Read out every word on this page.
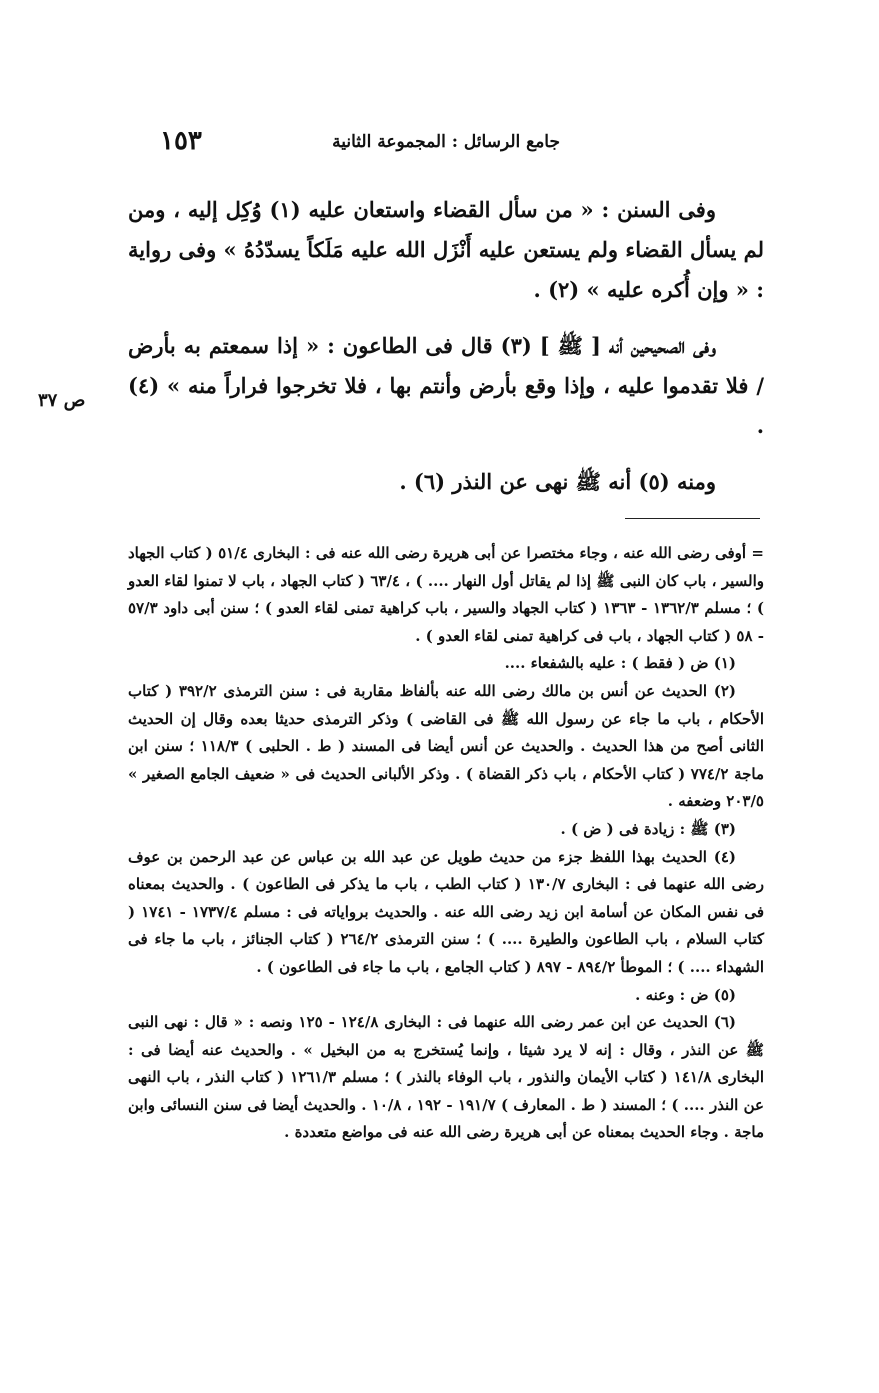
جامع الرسائل : المجموعة الثانية
١٥٣
ص ٣٧

وفى السنن : « من سأل القضاء واستعان عليه (١) وُكِل إليه ، ومن لم يسأل القضاء ولم يستعن عليه أَنْزَل الله عليه مَلَكاً يسدّدُهُ » وفى رواية : « وإن أُكره عليه » (٢) .

وفى الصحيحين أنه [ ﷺ ] (٣) قال فى الطاعون : « إذا سمعتم به بأرض / فلا تقدموا عليه ، وإذا وقع بأرض وأنتم بها ، فلا تخرجوا فراراً منه » (٤) .

ومنه (٥) أنه ﷺ نهى عن النذر (٦) .

= أوفى رضى الله عنه ، وجاء مختصرا عن أبى هريرة رضى الله عنه فى : البخارى ٥١/٤ ( كتاب الجهاد والسير ، باب كان النبى ﷺ إذا لم يقاتل أول النهار .... ) ، ٦٣/٤ ( كتاب الجهاد ، باب لا تمنوا لقاء العدو ) ؛ مسلم ١٣٦٢/٣ - ١٣٦٣ ( كتاب الجهاد والسير ، باب كراهية تمنى لقاء العدو ) ؛ سنن أبى داود ٥٧/٣ - ٥٨ ( كتاب الجهاد ، باب فى كراهية تمنى لقاء العدو ) .

(١) ض ( فقط ) : عليه بالشفعاء ....

(٢) الحديث عن أنس بن مالك رضى الله عنه بألفاظ مقاربة فى : سنن الترمذى ٣٩٢/٢ ( كتاب الأحكام ، باب ما جاء عن رسول الله ﷺ فى القاضى ) وذكر الترمذى حديثا بعده وقال إن الحديث الثانى أصح من هذا الحديث . والحديث عن أنس أيضا فى المسند ( ط . الحلبى ) ١١٨/٣ ؛ سنن ابن ماجة ٧٧٤/٢ ( كتاب الأحكام ، باب ذكر القضاة ) . وذكر الألبانى الحديث فى « ضعيف الجامع الصغير » ٢٠٣/٥ وضعفه .

(٣) ﷺ : زيادة فى ( ض ) .

(٤) الحديث بهذا اللفظ جزء من حديث طويل عن عبد الله بن عباس عن عبد الرحمن بن عوف رضى الله عنهما فى : البخارى ١٣٠/٧ ( كتاب الطب ، باب ما يذكر فى الطاعون ) . والحديث بمعناه فى نفس المكان عن أسامة ابن زيد رضى الله عنه . والحديث برواياته فى : مسلم ١٧٣٧/٤ - ١٧٤١ ( كتاب السلام ، باب الطاعون والطيرة .... ) ؛ سنن الترمذى ٢٦٤/٢ ( كتاب الجنائز ، باب ما جاء فى الشهداء .... ) ؛ الموطأ ٨٩٤/٢ - ٨٩٧ ( كتاب الجامع ، باب ما جاء فى الطاعون ) .

(٥) ض : وعنه .

(٦) الحديث عن ابن عمر رضى الله عنهما فى : البخارى ١٢٤/٨ - ١٢٥ ونصه : « قال : نهى النبى ﷺ عن النذر ، وقال : إنه لا يرد شيئا ، وإنما يُستخرج به من البخيل » . والحديث عنه أيضا فى : البخارى ١٤١/٨ ( كتاب الأيمان والنذور ، باب الوفاء بالنذر ) ؛ مسلم ١٢٦١/٣ ( كتاب النذر ، باب النهى عن النذر .... ) ؛ المسند ( ط . المعارف ) ١٩١/٧ - ١٩٢ ، ١٠/٨ . والحديث أيضا فى سنن النسائى وابن ماجة . وجاء الحديث بمعناه عن أبى هريرة رضى الله عنه فى مواضع متعددة .
